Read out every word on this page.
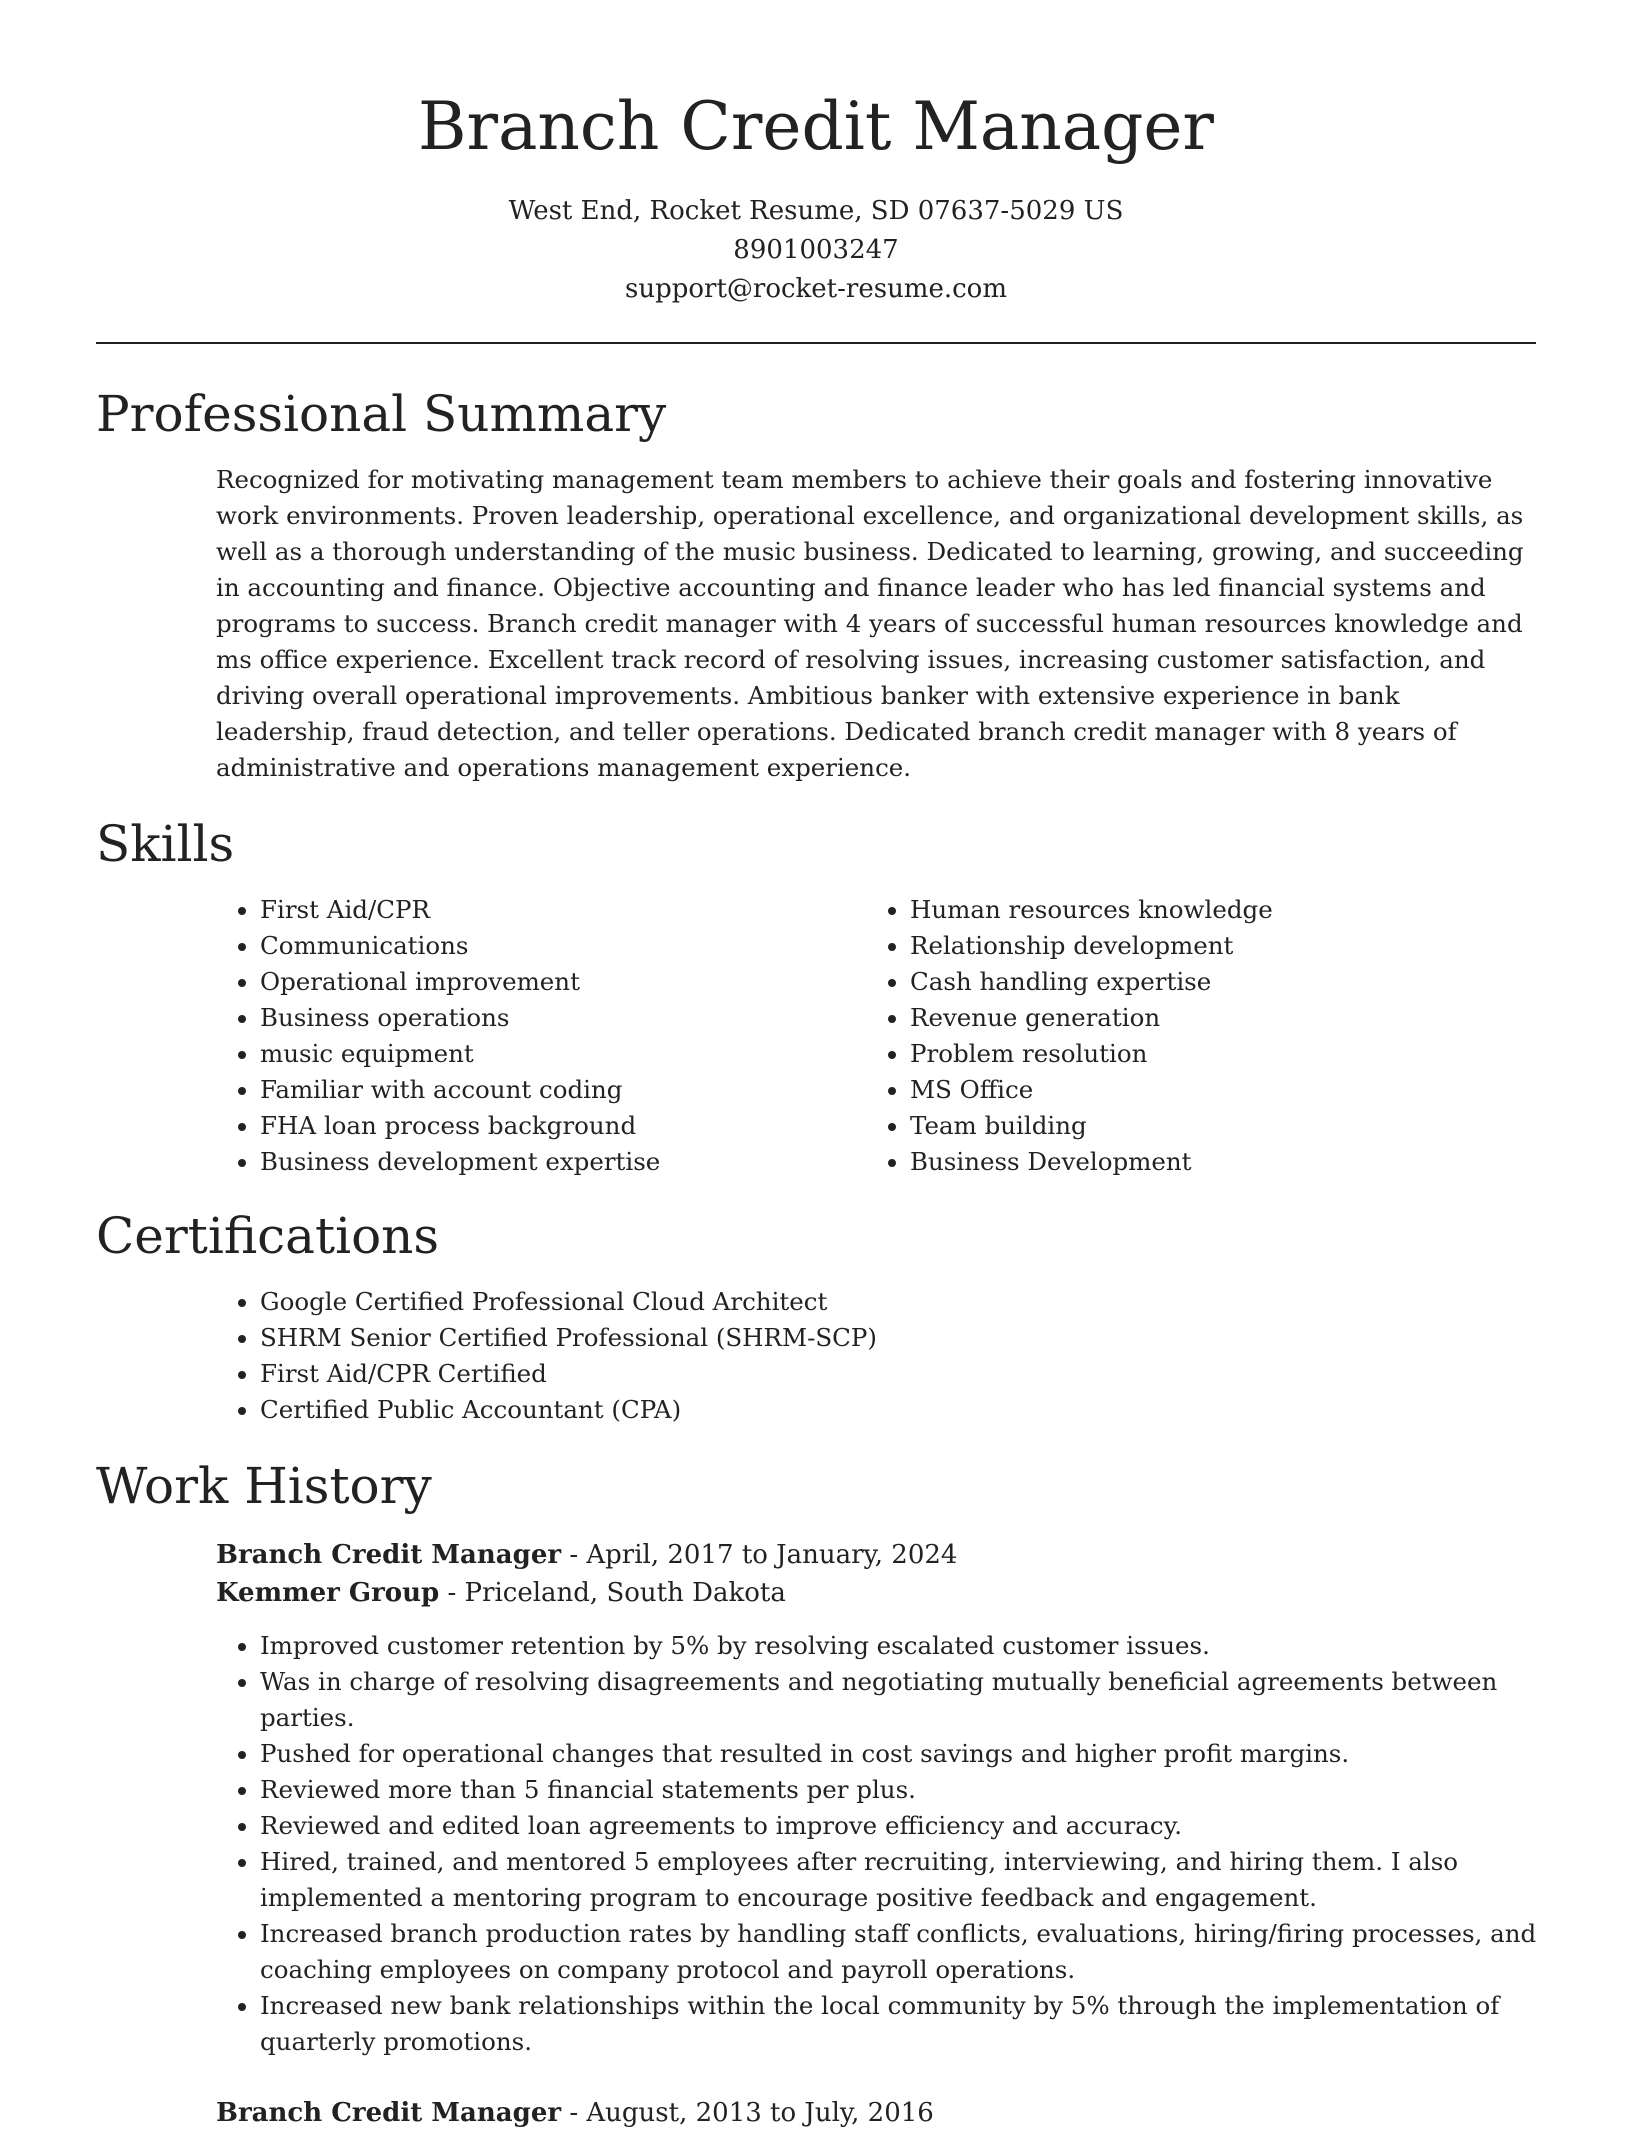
Branch Credit Manager
West End, Rocket Resume, SD 07637-5029 US
8901003247
support@rocket-resume.com
Professional Summary

Recognized for motivating management team members to achieve their goals and fostering innovative work environments. Proven leadership, operational excellence, and organizational development skills, as well as a thorough understanding of the music business. Dedicated to learning, growing, and succeeding in accounting and finance. Objective accounting and finance leader who has led financial systems and programs to success. Branch credit manager with 4 years of successful human resources knowledge and ms office experience. Excellent track record of resolving issues, increasing customer satisfaction, and driving overall operational improvements. Ambitious banker with extensive experience in bank leadership, fraud detection, and teller operations. Dedicated branch credit manager with 8 years of administrative and operations management experience.

Skills
• First Aid/CPR
• Communications
• Operational improvement
• Business operations
• music equipment
• Familiar with account coding
• FHA loan process background
• Business development expertise
• Human resources knowledge
• Relationship development
• Cash handling expertise
• Revenue generation
• Problem resolution
• MS Office
• Team building
• Business Development
Certifications
• Google Certified Professional Cloud Architect
• SHRM Senior Certified Professional (SHRM-SCP)
• First Aid/CPR Certified
• Certified Public Accountant (CPA)
Work History
Branch Credit Manager - April, 2017 to January, 2024
Kemmer Group - Priceland, South Dakota
• Improved customer retention by 5% by resolving escalated customer issues.
• Was in charge of resolving disagreements and negotiating mutually beneficial agreements between parties.
• Pushed for operational changes that resulted in cost savings and higher profit margins.
• Reviewed more than 5 financial statements per plus.
• Reviewed and edited loan agreements to improve efficiency and accuracy.
• Hired, trained, and mentored 5 employees after recruiting, interviewing, and hiring them. I also implemented a mentoring program to encourage positive feedback and engagement.
• Increased branch production rates by handling staff conflicts, evaluations, hiring/firing processes, and coaching employees on company protocol and payroll operations.
• Increased new bank relationships within the local community by 5% through the implementation of quarterly promotions.
Branch Credit Manager - August, 2013 to July, 2016
